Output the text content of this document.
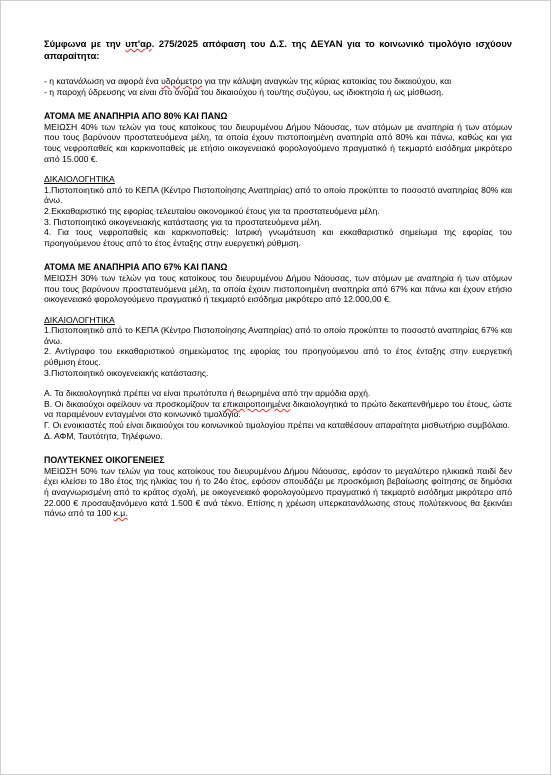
Σύμφωνα με την υπ'αρ. 275/2025 απόφαση του Δ.Σ. της ΔΕΥΑΝ για το κοινωνικό τιμολόγιο ισχύουν απαραίτητα:

- η κατανάλωση να αφορά ένα υδρόμετρο για την κάλυψη αναγκών της κύριας κατοικίας του δικαιούχου, και

- η παροχή ύδρευσης να είναι στο όνομα του δικαιούχου ή του/της συζύγου, ως ιδιοκτησία ή ως μίσθωση.

ΑΤΟΜΑ ΜΕ ΑΝΑΠΗΡΙΑ ΑΠΟ 80% ΚΑΙ ΠΑΝΩ

ΜΕΙΩΣΗ 40% των τελών για τους κατοίκους του διευρυμένου Δήμου Νάουσας, των ατόμων με αναπηρία ή των ατόμων που τους βαρύνουν προστατευόμενα μέλη, τα οποία έχουν πιστοποιημένη αναπηρία από 80% και πάνω, καθώς και για τους νεφροπαθείς και καρκινοπαθείς με ετήσιο οικογενειακό φορολογούμενο πραγματικό ή τεκμαρτό εισόδημα μικρότερο από 15.000 €.

ΔΙΚΑΙΟΛΟΓΗΤΙΚΑ

1.Πιστοποιητικό από το ΚΕΠΑ (Κέντρο Πιστοποίησης Αναπηρίας) από το οποίο προκύπτει το ποσοστό αναπηρίας 80% και άνω.

2.Εκκαθαριστικό της εφορίας τελευταίου οικονομικού έτους για τα προστατευόμενα μέλη.

3. Πιστοποιητικό οικογενειακής κατάστασης για τα προστατευόμενα μέλη.

4. Για τους νεφροπαθείς και καρκινοπαθείς: Ιατρική γνωμάτευση και εκκαθαριστικό σημείωμα της εφορίας του προηγούμενου έτους από το έτος ένταξης στην ευεργετική ρύθμιση.

ΑΤΟΜΑ ΜΕ ΑΝΑΠΗΡΙΑ ΑΠΟ 67% ΚΑΙ ΠΑΝΩ

ΜΕΙΩΣΗ 30% των τελών για τους κατοίκους του διευρυμένου Δήμου Νάουσας, των ατόμων με αναπηρία ή των ατόμων που τους βαρύνουν προστατευόμενα μέλη, τα οποία έχουν πιστοποιημένη αναπηρία από 67% και πάνω και έχουν ετήσιο οικογενειακό φορολογούμενο πραγματικό ή τεκμαρτό εισόδημα μικρότερο από 12.000,00 €.

ΔΙΚΑΙΟΛΟΓΗΤΙΚΑ

1.Πιστοποιητικό από το ΚΕΠΑ (Κέντρο Πιστοποίησης Αναπηρίας) από το οποίο προκύπτει το ποσοστό αναπηρίας 67% και άνω.

2. Αντίγραφο του εκκαθαριστικού σημειώματος της εφορίας του προηγούμενου από το έτος ένταξης στην ευεργετική ρύθμιση έτους.

3.Πιστοποιητικό οικογενειακής κατάστασης.

Α. Τα δικαιολογητικά πρέπει να είναι πρωτότυπα ή θεωρημένα από την αρμόδια αρχή.

Β. Οι δικαιούχοι οφείλουν να προσκομίζουν τα επικαιροποιημένα δικαιολογητικά το πρώτο δεκαπενθήμερο του έτους, ώστε να παραμένουν ενταγμένοι στο κοινωνικό τιμολόγιο.

Γ. Οι ενοικιαστές πού είναι δικαιούχοι του κοινωνικού τιμολογίου πρέπει να καταθέσουν απαραίτητα μισθωτήριο συμβόλαιο.

Δ. ΑΦΜ, Ταυτότητα, Τηλέφωνο.

ΠΟΛΥΤΕΚΝΕΣ ΟΙΚΟΓΕΝΕΙΕΣ

ΜΕΙΩΣΗ 50% των τελών για τους κατοίκους του διευρυμένου Δήμου Νάουσας, εφόσον το μεγαλύτερο ηλικιακά παιδί δεν έχει κλείσει το 18ο έτος της ηλικίας του ή το 24ο έτος, εφόσον σπουδάζει με προσκόμιση βεβαίωσης φοίτησης σε δημόσια ή αναγνωρισμένη από το κράτος σχολή, με οικογενειακό φορολογούμενο πραγματικό ή τεκμαρτό εισόδημα μικρότερο από 22.000 € προσαυξανόμενο κατά 1.500 € ανά τέκνο. Επίσης η χρέωση υπερκατανάλωσης στους πολύτεκνους θα ξεκινάει πάνω από τα 100 κ.μ.
